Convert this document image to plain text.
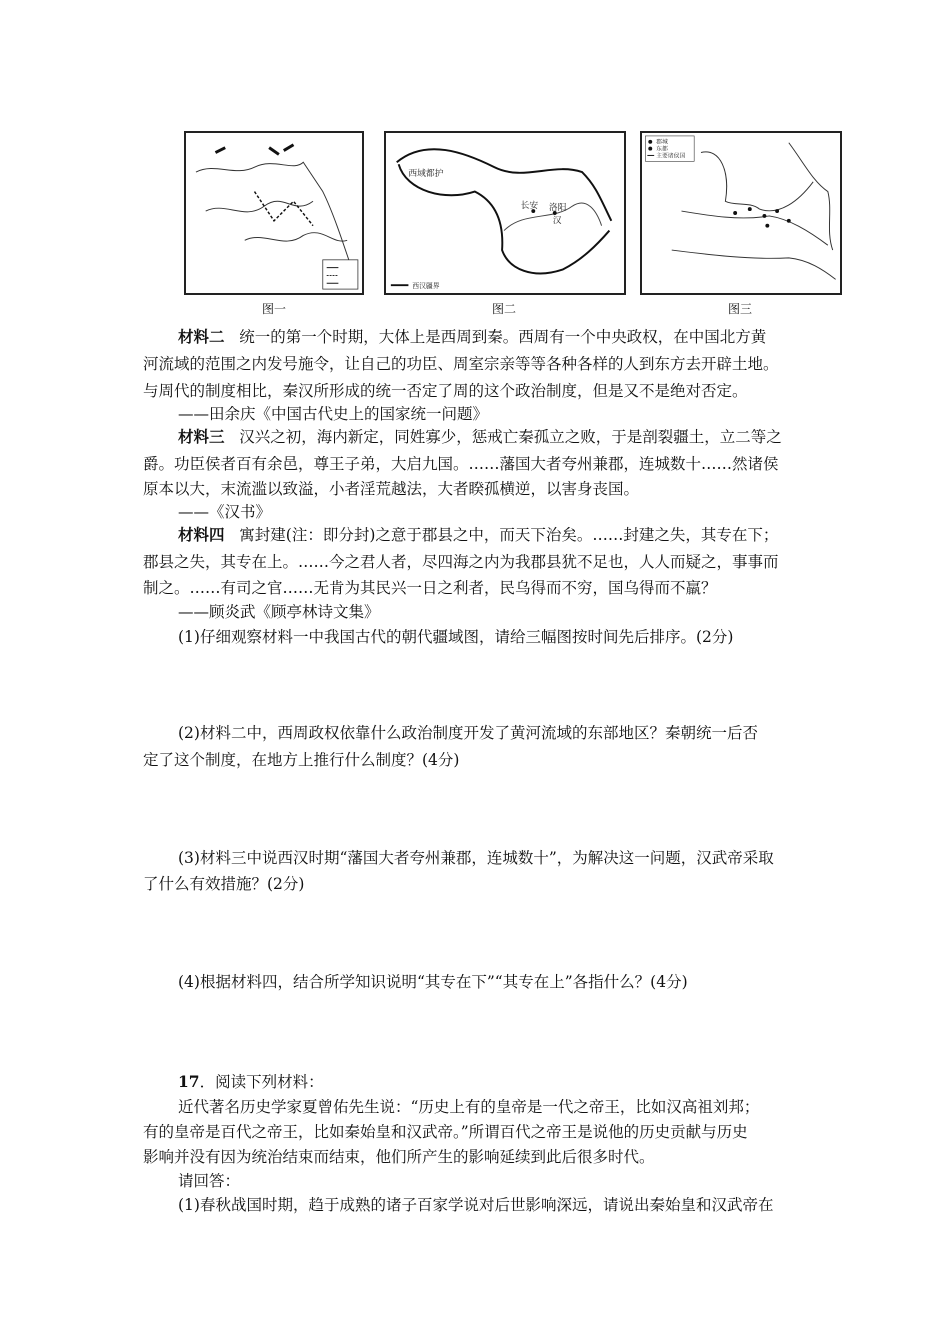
图一
西域都护
长安 洛阳
汉
西汉疆界
图二
郡城
东都
主要诸侯国
图三
材料二 统一的第一个时期，大体上是西周到秦。西周有一个中央政权，在中国北方黄
河流域的范围之内发号施令，让自己的功臣、周室宗亲等等各种各样的人到东方去开辟土地。
与周代的制度相比，秦汉所形成的统一否定了周的这个政治制度，但是又不是绝对否定。
——田余庆《中国古代史上的国家统一问题》
材料三 汉兴之初，海内新定，同姓寡少，惩戒亡秦孤立之败，于是剖裂疆土，立二等之
爵。功臣侯者百有余邑，尊王子弟，大启九国。……藩国大者夸州兼郡，连城数十……然诸侯
原本以大，末流滥以致溢，小者淫荒越法，大者睽孤横逆，以害身丧国。
——《汉书》
材料四 寓封建(注：即分封)之意于郡县之中，而天下治矣。……封建之失，其专在下；
郡县之失，其专在上。……今之君人者，尽四海之内为我郡县犹不足也，人人而疑之，事事而
制之。……有司之官……无肯为其民兴一日之利者，民乌得而不穷，国乌得而不羸？
——顾炎武《顾亭林诗文集》
(1)仔细观察材料一中我国古代的朝代疆域图，请给三幅图按时间先后排序。(2分)
(2)材料二中，西周政权依靠什么政治制度开发了黄河流域的东部地区？秦朝统一后否
定了这个制度，在地方上推行什么制度？(4分)
(3)材料三中说西汉时期“藩国大者夸州兼郡，连城数十”，为解决这一问题，汉武帝采取
了什么有效措施？(2分)
(4)根据材料四，结合所学知识说明“其专在下”“其专在上”各指什么？(4分)
17．阅读下列材料：
近代著名历史学家夏曾佑先生说：“历史上有的皇帝是一代之帝王，比如汉高祖刘邦；
有的皇帝是百代之帝王，比如秦始皇和汉武帝。”所谓百代之帝王是说他的历史贡献与历史
影响并没有因为统治结束而结束，他们所产生的影响延续到此后很多时代。
请回答：
(1)春秋战国时期，趋于成熟的诸子百家学说对后世影响深远，请说出秦始皇和汉武帝在
